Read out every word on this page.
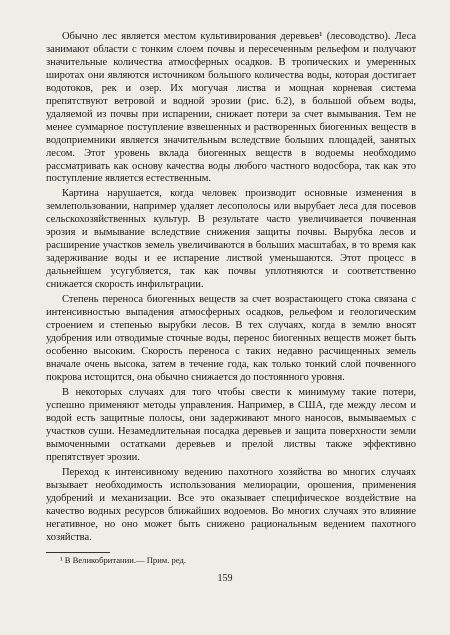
Обычно лес является местом культивирования деревьев¹ (лесоводство). Леса занимают области с тонким слоем почвы и пересеченным рельефом и получают значительные количества атмосферных осадков. В тропических и умеренных широтах они являются источником большого количества воды, которая достигает водотоков, рек и озер. Их могучая листва и мощная корневая система препятствуют ветровой и водной эрозии (рис. 6.2), в большой объем воды, удаляемой из почвы при испарении, снижает потери за счет вымывания. Тем не менее суммарное поступление взвешенных и растворенных биогенных веществ в водоприемники является значительным вследствие больших площадей, занятых лесом. Этот уровень вклада биогенных веществ в водоемы необходимо рассматривать как основу качества воды любого частного водосбора, так как это поступление является естественным.

Картина нарушается, когда человек производит основные изменения в землепользовании, например удаляет лесополосы или вырубает леса для посевов сельскохозяйственных культур. В результате часто увеличивается почвенная эрозия и вымывание вследствие снижения защиты почвы. Вырубка лесов и расширение участков земель увеличиваются в больших масштабах, в то время как задерживание воды и ее испарение листвой уменьшаются. Этот процесс в дальнейшем усугубляется, так как почвы уплотняются и соответственно снижается скорость инфильтрации.

Степень переноса биогенных веществ за счет возрастающего стока связана с интенсивностью выпадения атмосферных осадков, рельефом и геологическим строением и степенью вырубки лесов. В тех случаях, когда в землю вносят удобрения или отводимые сточные воды, перенос биогенных веществ может быть особенно высоким. Скорость переноса с таких недавно расчищенных земель вначале очень высока, затем в течение года, как только тонкий слой почвенного покрова истощится, она обычно снижается до постоянного уровня.

В некоторых случаях для того чтобы свести к минимуму такие потери, успешно применяют методы управления. Например, в США, где между лесом и водой есть защитные полосы, они задерживают много наносов, вымываемых с участков суши. Незамедлительная посадка деревьев и защита поверхности земли вымоченными остатками деревьев и прелой листвы также эффективно препятствует эрозии.

Переход к интенсивному ведению пахотного хозяйства во многих случаях вызывает необходимость использования мелиорации, орошения, применения удобрений и механизации. Все это оказывает специфическое воздействие на качество водных ресурсов ближайших водоемов. Во многих случаях это влияние негативное, но оно может быть снижено рациональным ведением пахотного хозяйства.

¹ В Великобритании.— Прим. ред.
159
